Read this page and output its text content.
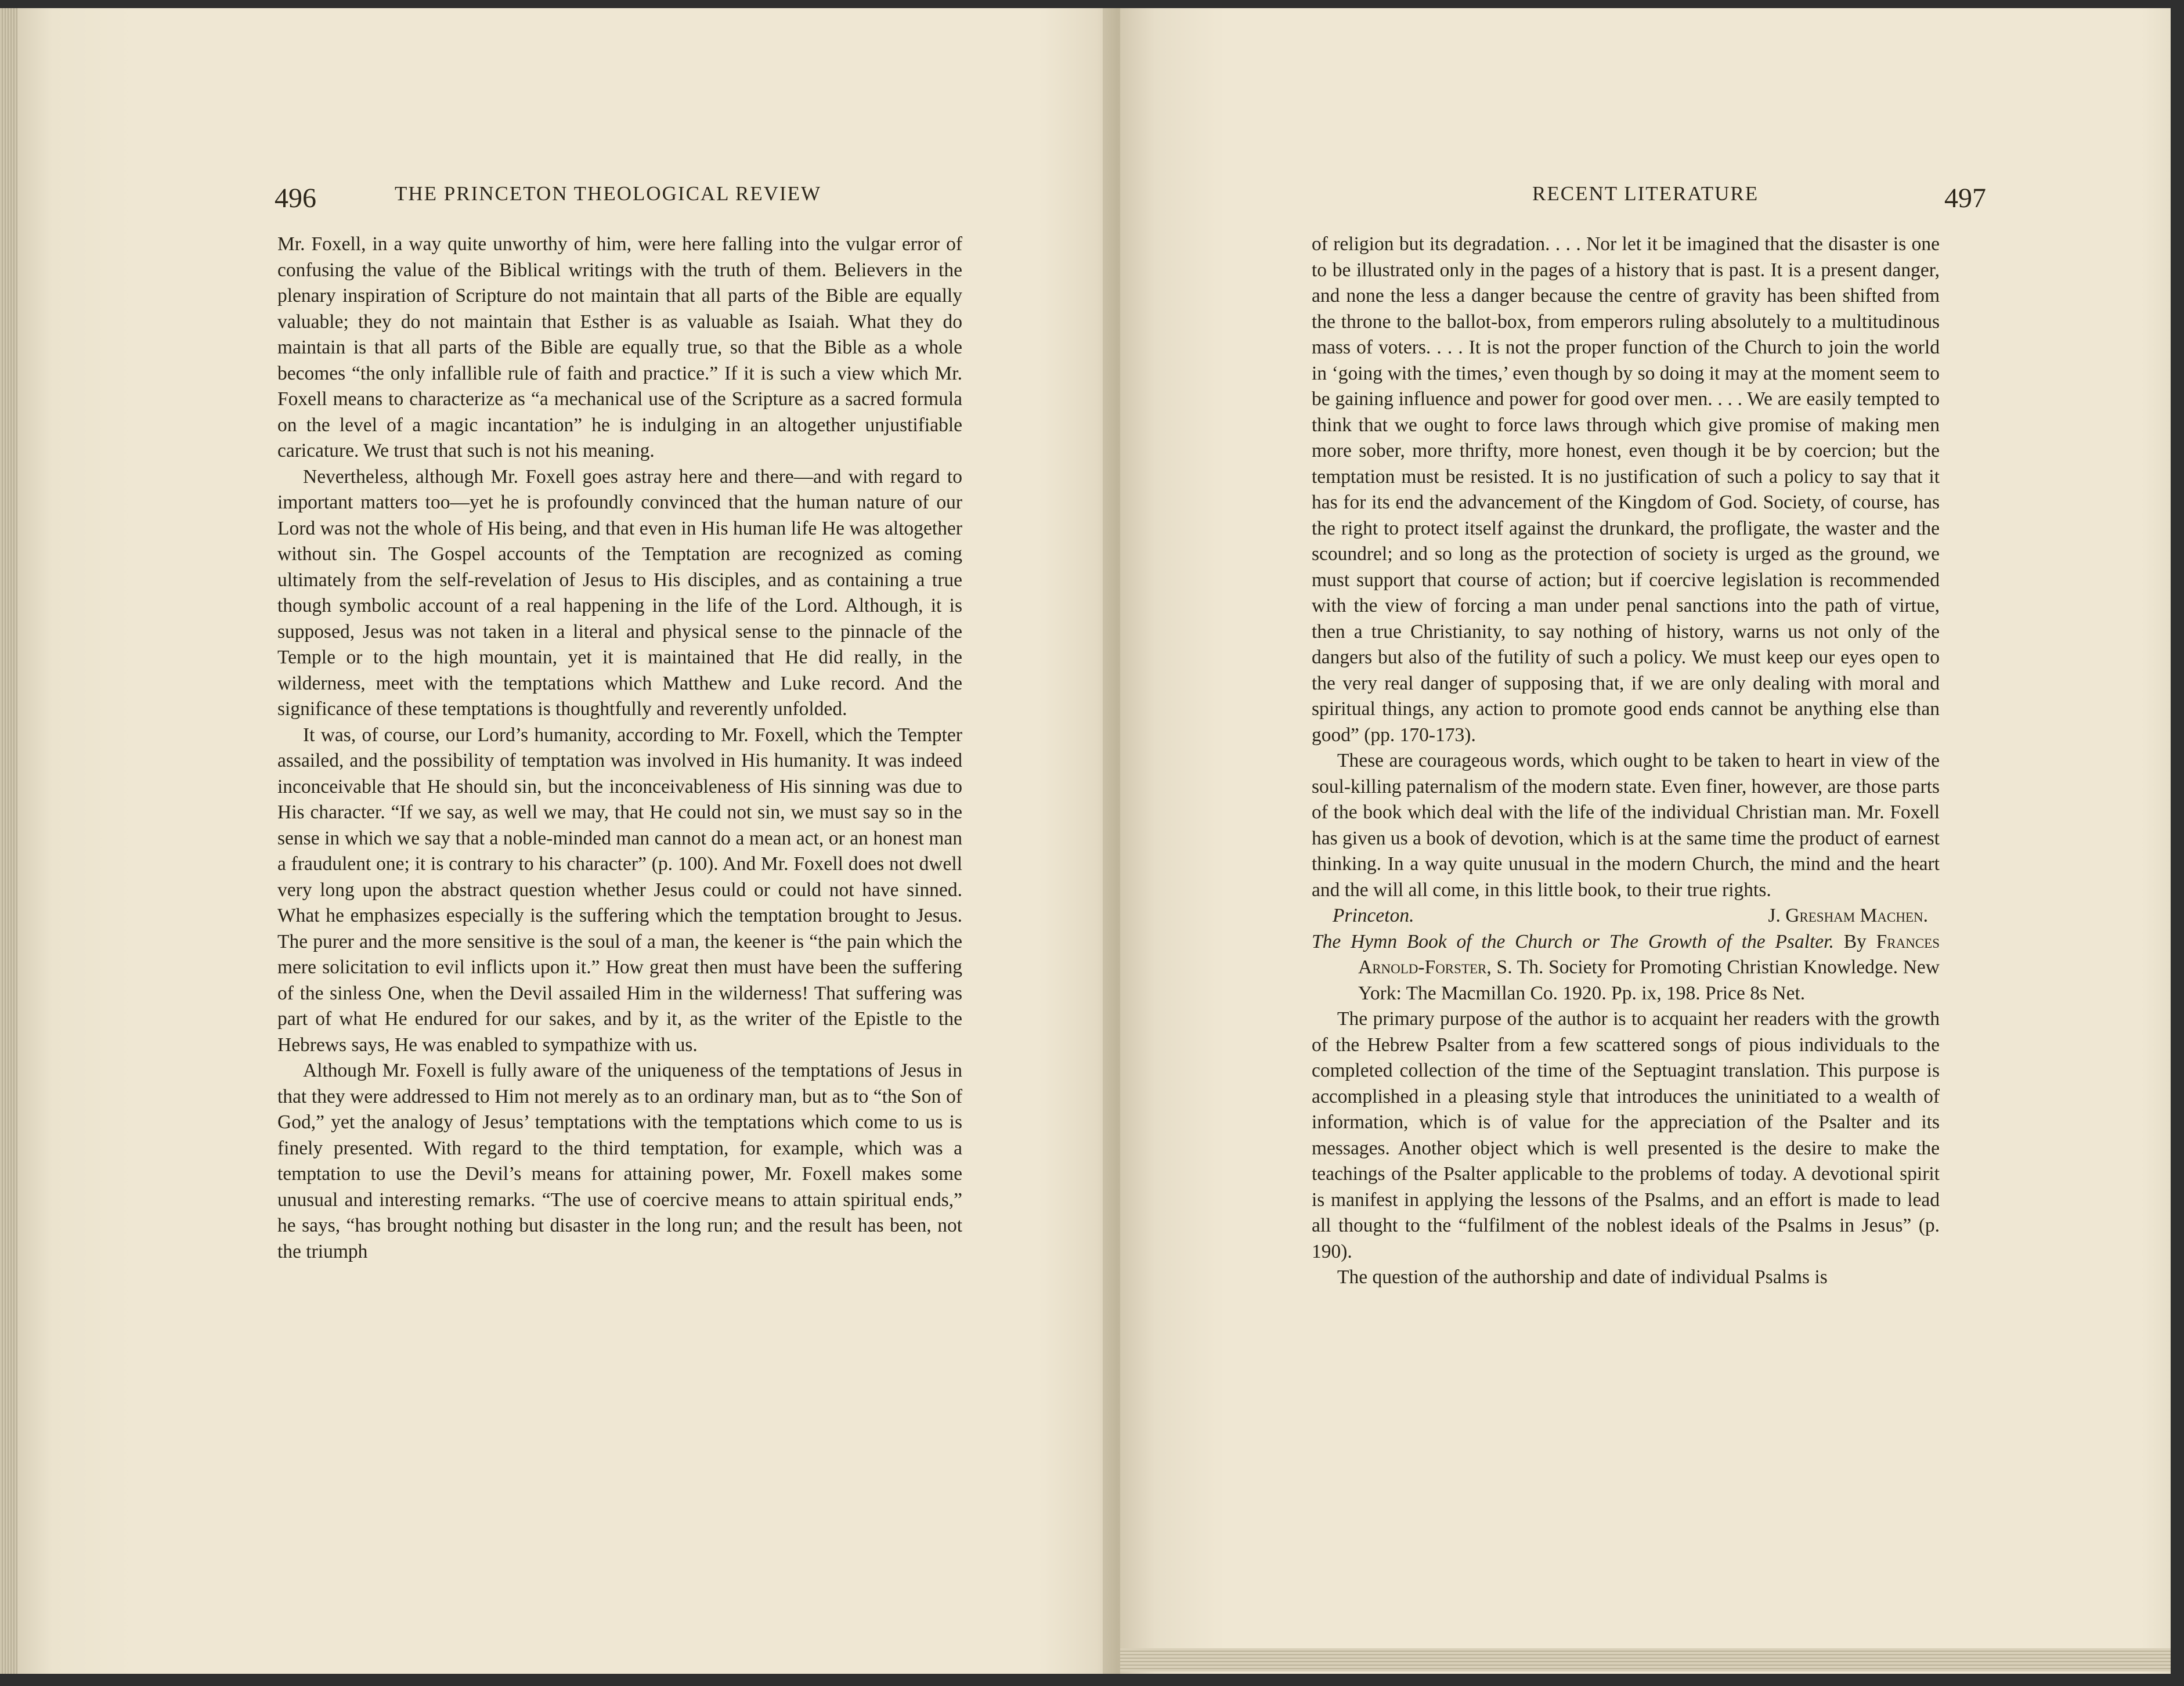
496	THE PRINCETON THEOLOGICAL REVIEW

Mr. Foxell, in a way quite unworthy of him, were here falling into the vulgar error of confusing the value of the Biblical writings with the truth of them. Believers in the plenary inspiration of Scripture do not maintain that all parts of the Bible are equally valuable; they do not maintain that Esther is as valuable as Isaiah. What they do maintain is that all parts of the Bible are equally true, so that the Bible as a whole becomes “the only infallible rule of faith and practice.” If it is such a view which Mr. Foxell means to characterize as “a mechanical use of the Scripture as a sacred formula on the level of a magic incantation” he is indulging in an altogether unjustifiable caricature. We trust that such is not his meaning.

Nevertheless, although Mr. Foxell goes astray here and there—and with regard to important matters too—yet he is profoundly convinced that the human nature of our Lord was not the whole of His being, and that even in His human life He was altogether without sin. The Gospel accounts of the Temptation are recognized as coming ultimately from the self-revelation of Jesus to His disciples, and as containing a true though symbolic account of a real happening in the life of the Lord. Although, it is supposed, Jesus was not taken in a literal and physical sense to the pinnacle of the Temple or to the high mountain, yet it is maintained that He did really, in the wilderness, meet with the temptations which Matthew and Luke record. And the significance of these temptations is thoughtfully and reverently unfolded.

It was, of course, our Lord’s humanity, according to Mr. Foxell, which the Tempter assailed, and the possibility of temptation was involved in His humanity. It was indeed inconceivable that He should sin, but the inconceivableness of His sinning was due to His character. “If we say, as well we may, that He could not sin, we must say so in the sense in which we say that a noble-minded man cannot do a mean act, or an honest man a fraudulent one; it is contrary to his character” (p. 100). And Mr. Foxell does not dwell very long upon the abstract question whether Jesus could or could not have sinned. What he emphasizes especially is the suffering which the temptation brought to Jesus. The purer and the more sensitive is the soul of a man, the keener is “the pain which the mere solicitation to evil inflicts upon it.” How great then must have been the suffering of the sinless One, when the Devil assailed Him in the wilderness! That suffering was part of what He endured for our sakes, and by it, as the writer of the Epistle to the Hebrews says, He was enabled to sympathize with us.

Although Mr. Foxell is fully aware of the uniqueness of the temptations of Jesus in that they were addressed to Him not merely as to an ordinary man, but as to “the Son of God,” yet the analogy of Jesus’ temptations with the temptations which come to us is finely presented. With regard to the third temptation, for example, which was a temptation to use the Devil’s means for attaining power, Mr. Foxell makes some unusual and interesting remarks. “The use of coercive means to attain spiritual ends,” he says, “has brought nothing but disaster in the long run; and the result has been, not the triumph

RECENT LITERATURE	497

of religion but its degradation. . . . Nor let it be imagined that the disaster is one to be illustrated only in the pages of a history that is past. It is a present danger, and none the less a danger because the centre of gravity has been shifted from the throne to the ballot-box, from emperors ruling absolutely to a multitudinous mass of voters. . . . It is not the proper function of the Church to join the world in ‘going with the times,’ even though by so doing it may at the moment seem to be gaining influence and power for good over men. . . . We are easily tempted to think that we ought to force laws through which give promise of making men more sober, more thrifty, more honest, even though it be by coercion; but the temptation must be resisted. It is no justification of such a policy to say that it has for its end the advancement of the Kingdom of God. Society, of course, has the right to protect itself against the drunkard, the profligate, the waster and the scoundrel; and so long as the protection of society is urged as the ground, we must support that course of action; but if coercive legislation is recommended with the view of forcing a man under penal sanctions into the path of virtue, then a true Christianity, to say nothing of history, warns us not only of the dangers but also of the futility of such a policy. We must keep our eyes open to the very real danger of supposing that, if we are only dealing with moral and spiritual things, any action to promote good ends cannot be anything else than good” (pp. 170-173).

These are courageous words, which ought to be taken to heart in view of the soul-killing paternalism of the modern state. Even finer, however, are those parts of the book which deal with the life of the individual Christian man. Mr. Foxell has given us a book of devotion, which is at the same time the product of earnest thinking. In a way quite unusual in the modern Church, the mind and the heart and the will all come, in this little book, to their true rights.

Princeton.	J. Gresham Machen.

The Hymn Book of the Church or The Growth of the Psalter. By Frances Arnold-Forster, S. Th. Society for Promoting Christian Knowledge. New York: The Macmillan Co. 1920. Pp. ix, 198. Price 8s Net.

The primary purpose of the author is to acquaint her readers with the growth of the Hebrew Psalter from a few scattered songs of pious individuals to the completed collection of the time of the Septuagint translation. This purpose is accomplished in a pleasing style that introduces the uninitiated to a wealth of information, which is of value for the appreciation of the Psalter and its messages. Another object which is well presented is the desire to make the teachings of the Psalter applicable to the problems of today. A devotional spirit is manifest in applying the lessons of the Psalms, and an effort is made to lead all thought to the “fulfilment of the noblest ideals of the Psalms in Jesus” (p. 190).

The question of the authorship and date of individual Psalms is
